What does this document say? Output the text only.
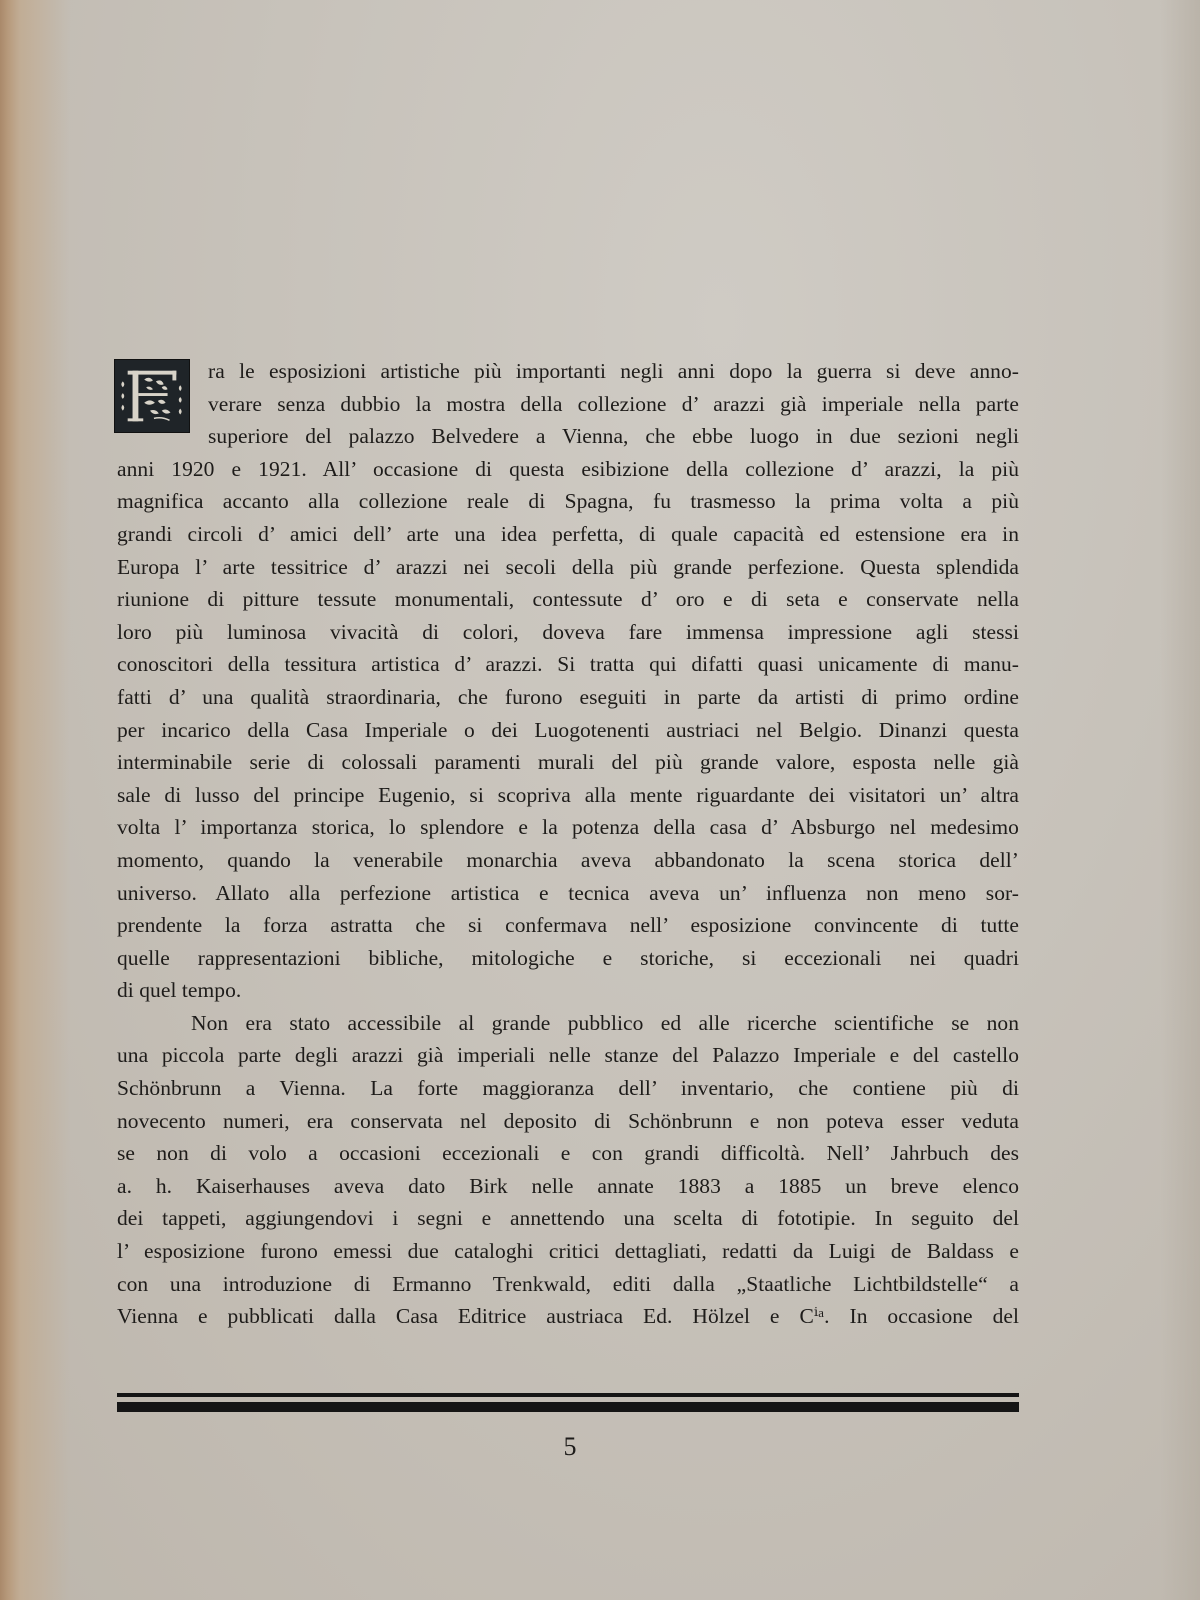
ra le esposizioni artistiche più importanti negli anni dopo la guerra si deve anno-
verare senza dubbio la mostra della collezione d’ arazzi già imperiale nella parte
superiore del palazzo Belvedere a Vienna, che ebbe luogo in due sezioni negli
anni 1920 e 1921. All’ occasione di questa esibizione della collezione d’ arazzi, la più
magnifica accanto alla collezione reale di Spagna, fu trasmesso la prima volta a più
grandi circoli d’ amici dell’ arte una idea perfetta, di quale capacità ed estensione era in
Europa l’ arte tessitrice d’ arazzi nei secoli della più grande perfezione. Questa splendida
riunione di pitture tessute monumentali, contessute d’ oro e di seta e conservate nella
loro più luminosa vivacità di colori, doveva fare immensa impressione agli stessi
conoscitori della tessitura artistica d’ arazzi. Si tratta qui difatti quasi unicamente di manu-
fatti d’ una qualità straordinaria, che furono eseguiti in parte da artisti di primo ordine
per incarico della Casa Imperiale o dei Luogotenenti austriaci nel Belgio. Dinanzi questa
interminabile serie di colossali paramenti murali del più grande valore, esposta nelle già
sale di lusso del principe Eugenio, si scopriva alla mente riguardante dei visitatori un’ altra
volta l’ importanza storica, lo splendore e la potenza della casa d’ Absburgo nel medesimo
momento, quando la venerabile monarchia aveva abbandonato la scena storica dell’
universo. Allato alla perfezione artistica e tecnica aveva un’ influenza non meno sor-
prendente la forza astratta che si confermava nell’ esposizione convincente di tutte
quelle rappresentazioni bibliche, mitologiche e storiche, si eccezionali nei quadri
di quel tempo.
Non era stato accessibile al grande pubblico ed alle ricerche scientifiche se non
una piccola parte degli arazzi già imperiali nelle stanze del Palazzo Imperiale e del castello
Schönbrunn a Vienna. La forte maggioranza dell’ inventario, che contiene più di
novecento numeri, era conservata nel deposito di Schönbrunn e non poteva esser veduta
se non di volo a occasioni eccezionali e con grandi difficoltà. Nell’ Jahrbuch des
a. h. Kaiserhauses aveva dato Birk nelle annate 1883 a 1885 un breve elenco
dei tappeti, aggiungendovi i segni e annettendo una scelta di fototipie. In seguito del
l’ esposizione furono emessi due cataloghi critici dettagliati, redatti da Luigi de Baldass e
con una introduzione di Ermanno Trenkwald, editi dalla „Staatliche Lichtbildstelle“ a
Vienna e pubblicati dalla Casa Editrice austriaca Ed. Hölzel e Cⁱᵃ. In occasione del
5
